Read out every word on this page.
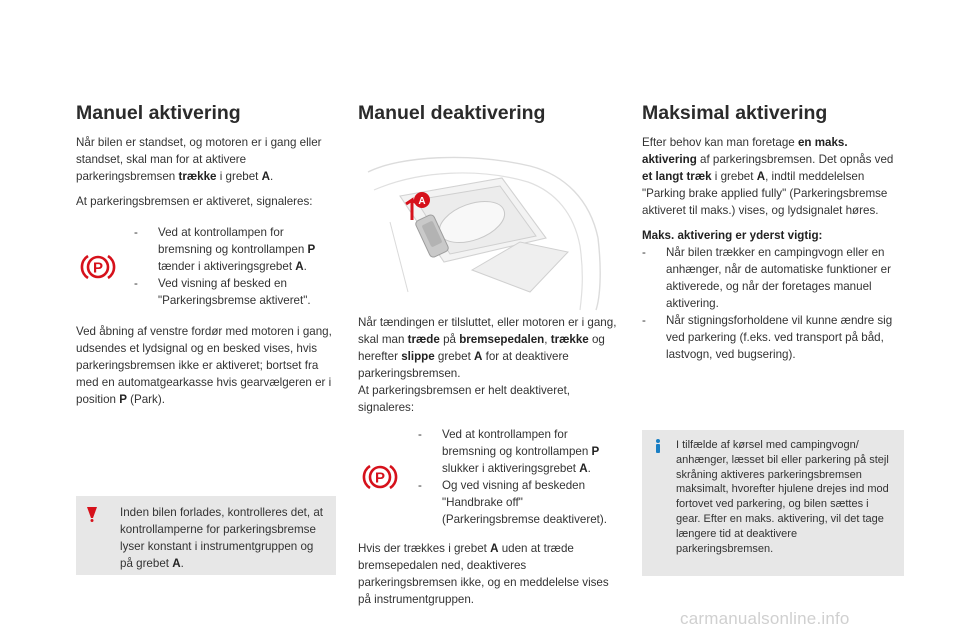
Manuel aktivering

Når bilen er standset, og motoren er i gang eller standset, skal man for at aktivere parkeringsbremsen trække i grebet A.

At parkeringsbremsen er aktiveret, signaleres:

P
- Ved at kontrollampen for bremsning og kontrollampen P tænder i aktiveringsgrebet A.
- Ved visning af besked en "Parkeringsbremse aktiveret".

Ved åbning af venstre fordør med motoren i gang, udsendes et lydsignal og en besked vises, hvis parkeringsbremsen ikke er aktiveret; bortset fra med en automatgearkasse hvis gearvælgeren er i position P (Park).

Inden bilen forlades, kontrolleres det, at kontrollamperne for parkeringsbremse lyser konstant i instrumentgruppen og på grebet A.
Manuel deaktivering
A

Når tændingen er tilsluttet, eller motoren er i gang, skal man træde på bremsepedalen, trække og herefter slippe grebet A for at deaktivere parkeringsbremsen.
At parkeringsbremsen er helt deaktiveret, signaleres:

P
- Ved at kontrollampen for bremsning og kontrollampen P slukker i aktiveringsgrebet A.
- Og ved visning af beskeden "Handbrake off" (Parkeringsbremse deaktiveret).

Hvis der trækkes i grebet A uden at træde bremsepedalen ned, deaktiveres parkeringsbremsen ikke, og en meddelelse vises på instrumentgruppen.

Maksimal aktivering

Efter behov kan man foretage en maks. aktivering af parkeringsbremsen. Det opnås ved et langt træk i grebet A, indtil meddelelsen "Parking brake applied fully" (Parkeringsbremse aktiveret til maks.) vises, og lydsignalet høres.

Maks. aktivering er yderst vigtig:

- Når bilen trækker en campingvogn eller en anhænger, når de automatiske funktioner er aktiverede, og når der foretages manuel aktivering.
- Når stigningsforholdene vil kunne ændre sig ved parkering (f.eks. ved transport på båd, lastvogn, ved bugsering).
I tilfælde af kørsel med campingvogn/ anhænger, læsset bil eller parkering på stejl skråning aktiveres parkeringsbremsen maksimalt, hvorefter hjulene drejes ind mod fortovet ved parkering, og bilen sættes i gear. Efter en maks. aktivering, vil det tage længere tid at deaktivere parkeringsbremsen.
carmanualsonline.info
